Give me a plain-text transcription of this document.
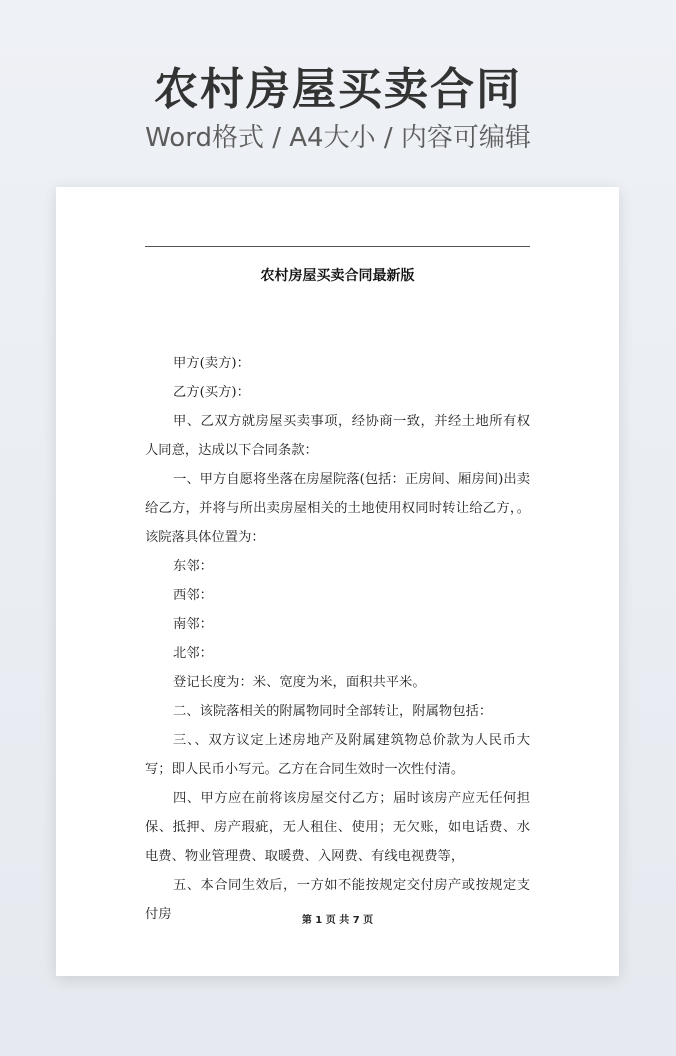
农村房屋买卖合同
Word格式 / A4大小 / 内容可编辑
农村房屋买卖合同最新版

甲方(卖方)：

乙方(买方)：

甲、乙双方就房屋买卖事项，经协商一致，并经土地所有权人同意，达成以下合同条款：

一、甲方自愿将坐落在房屋院落(包括：正房间、厢房间)出卖给乙方，并将与所出卖房屋相关的土地使用权同时转让给乙方，。该院落具体位置为：

东邻：

西邻：

南邻：

北邻：

登记长度为：米、宽度为米，面积共平米。

二、该院落相关的附属物同时全部转让，附属物包括：

三、、双方议定上述房地产及附属建筑物总价款为人民币大写；即人民币小写元。乙方在合同生效时一次性付清。

四、甲方应在前将该房屋交付乙方；届时该房产应无任何担保、抵押、房产瑕疵，无人租住、使用；无欠账，如电话费、水电费、物业管理费、取暖费、入网费、有线电视费等，

五、本合同生效后，一方如不能按规定交付房产或按规定支付房	第 1 页 共 7 页
